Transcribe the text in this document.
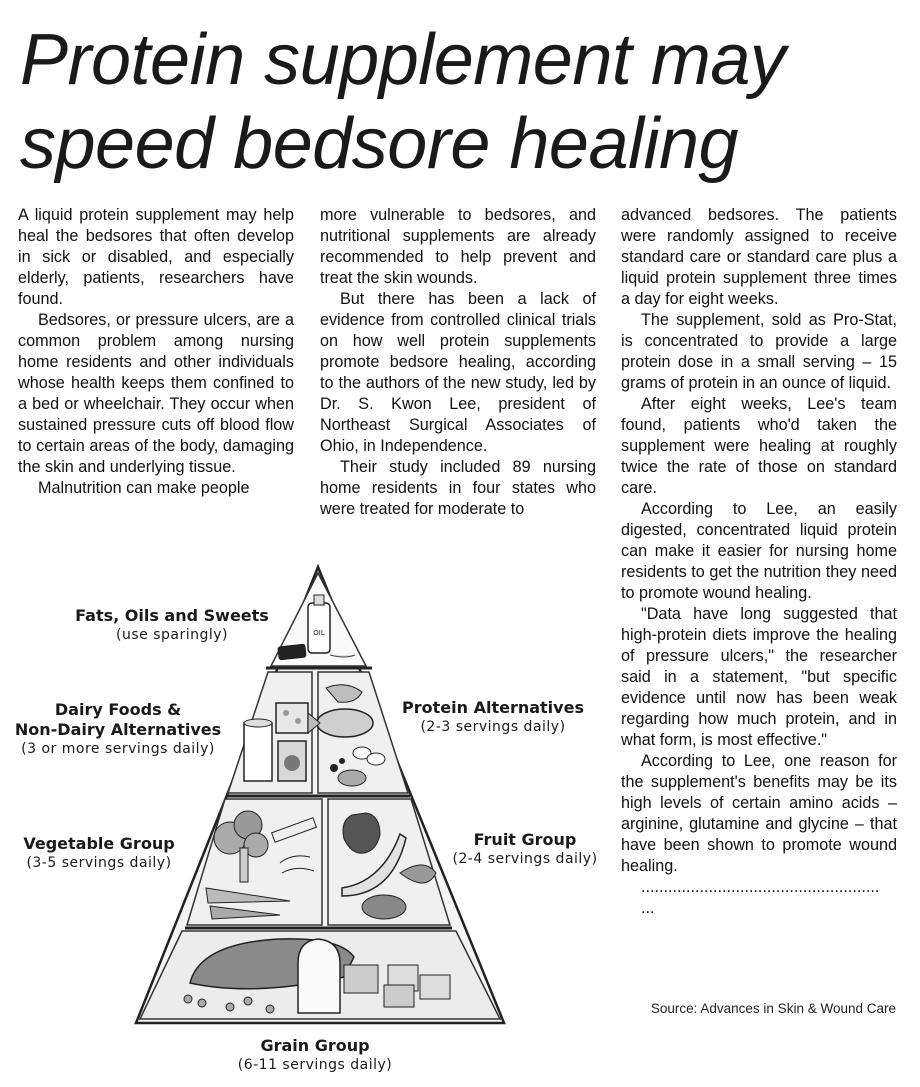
Protein supplement may speed bedsore healing

A liquid protein supplement may help heal the bedsores that often develop in sick or disabled, and especially elderly, patients, researchers have found.

Bedsores, or pressure ulcers, are a common problem among nursing home residents and other individuals whose health keeps them confined to a bed or wheelchair. They occur when sustained pressure cuts off blood flow to certain areas of the body, damaging the skin and underlying tissue.

Malnutrition can make people

more vulnerable to bedsores, and nutritional supplements are already recommended to help prevent and treat the skin wounds.

But there has been a lack of evidence from controlled clinical trials on how well protein supplements promote bedsore healing, according to the authors of the new study, led by Dr. S. Kwon Lee, president of Northeast Surgical Associates of Ohio, in Independence.

Their study included 89 nursing home residents in four states who were treated for moderate to

advanced bedsores. The patients were randomly assigned to receive standard care or standard care plus a liquid protein supplement three times a day for eight weeks.

The supplement, sold as Pro-Stat, is concentrated to provide a large protein dose in a small serving – 15 grams of protein in an ounce of liquid.

After eight weeks, Lee's team found, patients who'd taken the supplement were healing at roughly twice the rate of those on standard care.

According to Lee, an easily digested, concentrated liquid protein can make it easier for nursing home residents to get the nutrition they need to promote wound healing.

"Data have long suggested that high-protein diets improve the healing of pressure ulcers," the researcher said in a statement, "but specific evidence until now has been weak regarding how much protein, and in what form, is most effective."

According to Lee, one reason for the supplement's benefits may be its high levels of certain amino acids – arginine, glutamine and glycine – that have been shown to promote wound healing.

.....................................................

...

Source: Advances in Skin & Wound Care
OIL
Fats, Oils and Sweets
(use sparingly)
Dairy Foods &
Non-Dairy Alternatives
(3 or more servings daily)
Protein Alternatives
(2-3 servings daily)
Vegetable Group
(3-5 servings daily)
Fruit Group
(2-4 servings daily)
Grain Group
(6-11 servings daily)
